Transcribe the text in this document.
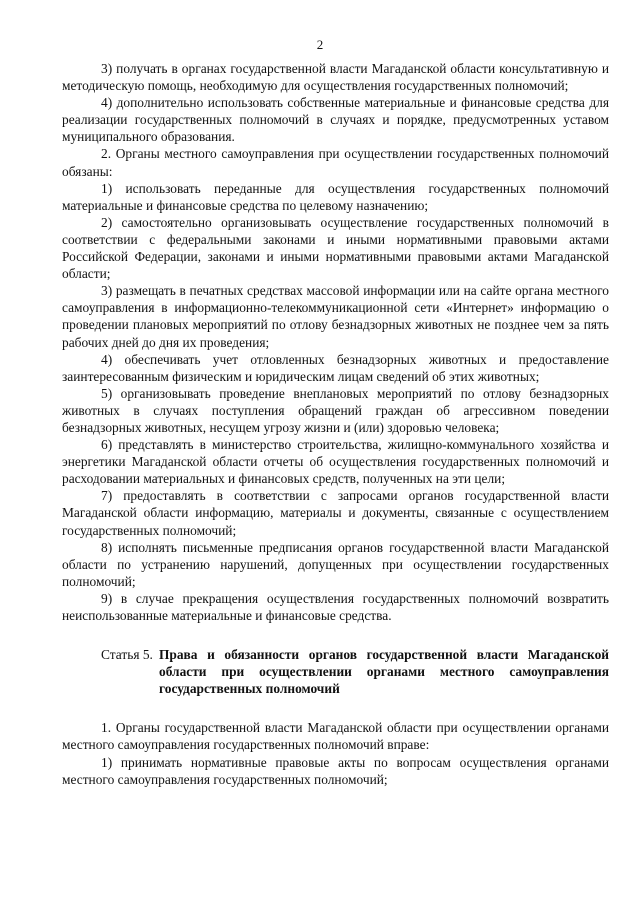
2

3) получать в органах государственной власти Магаданской области консультативную и методическую помощь, необходимую для осуществления государственных полномочий;

4) дополнительно использовать собственные материальные и финансовые средства для реализации государственных полномочий в случаях и порядке, предусмотренных уставом муниципального образования.

2. Органы местного самоуправления при осуществлении государственных полномочий обязаны:

1) использовать переданные для осуществления государственных полномочий материальные и финансовые средства по целевому назначению;

2) самостоятельно организовывать осуществление государственных полномочий в соответствии с федеральными законами и иными нормативными правовыми актами Российской Федерации, законами и иными нормативными правовыми актами Магаданской области;

3) размещать в печатных средствах массовой информации или на сайте органа местного самоуправления в информационно-телекоммуникационной сети «Интернет» информацию о проведении плановых мероприятий по отлову безнадзорных животных не позднее чем за пять рабочих дней до дня их проведения;

4) обеспечивать учет отловленных безнадзорных животных и предоставление заинтересованным физическим и юридическим лицам сведений об этих животных;

5) организовывать проведение внеплановых мероприятий по отлову безнадзорных животных в случаях поступления обращений граждан об агрессивном поведении безнадзорных животных, несущем угрозу жизни и (или) здоровью человека;

6) представлять в министерство строительства, жилищно-коммунального хозяйства и энергетики Магаданской области отчеты об осуществления государственных полномочий и расходовании материальных и финансовых средств, полученных на эти цели;

7) предоставлять в соответствии с запросами органов государственной власти Магаданской области информацию, материалы и документы, связанные с осуществлением государственных полномочий;

8) исполнять письменные предписания органов государственной власти Магаданской области по устранению нарушений, допущенных при осуществлении государственных полномочий;

9) в случае прекращения осуществления государственных полномочий возвратить неиспользованные материальные и финансовые средства.

Статья 5. Права и обязанности органов государственной власти Магаданской области при осуществлении органами местного самоуправления государственных полномочий

1. Органы государственной власти Магаданской области при осуществлении органами местного самоуправления государственных полномочий вправе:

1) принимать нормативные правовые акты по вопросам осуществления органами местного самоуправления государственных полномочий;
